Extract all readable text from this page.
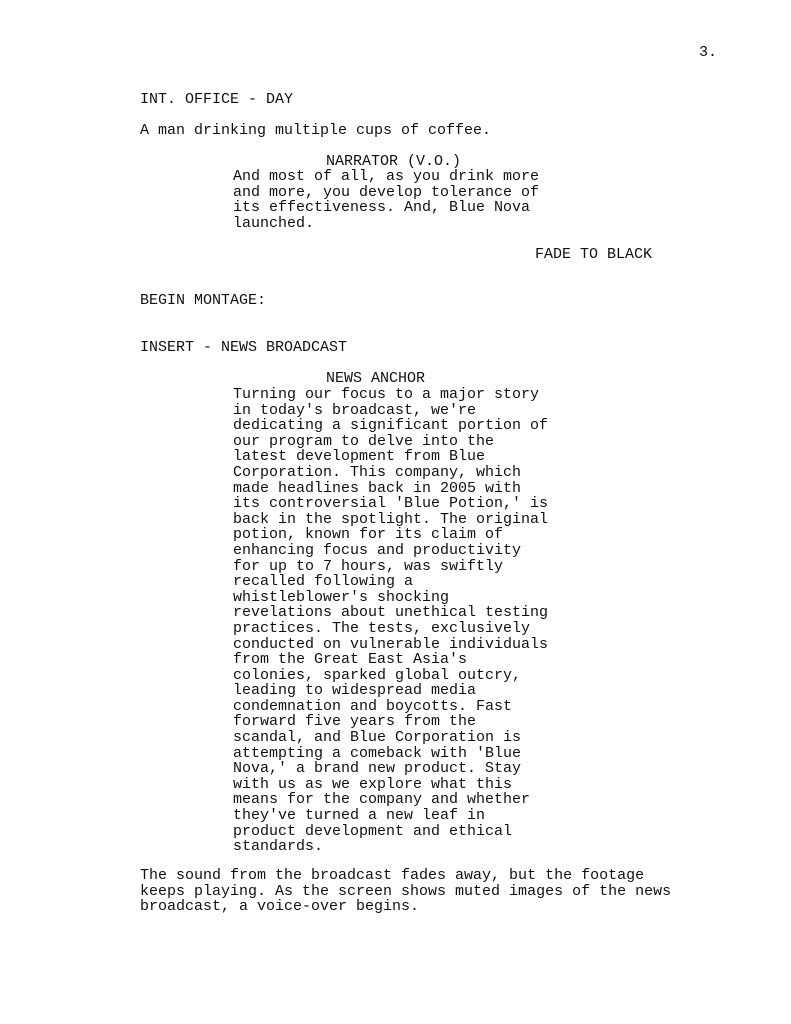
3.
INT. OFFICE - DAY
A man drinking multiple cups of coffee.
NARRATOR (V.O.)
And most of all, as you drink more
and more, you develop tolerance of
its effectiveness. And, Blue Nova
launched.
FADE TO BLACK
BEGIN MONTAGE:
INSERT - NEWS BROADCAST
NEWS ANCHOR
Turning our focus to a major story
in today's broadcast, we're
dedicating a significant portion of
our program to delve into the
latest development from Blue
Corporation. This company, which
made headlines back in 2005 with
its controversial 'Blue Potion,' is
back in the spotlight. The original
potion, known for its claim of
enhancing focus and productivity
for up to 7 hours, was swiftly
recalled following a
whistleblower's shocking
revelations about unethical testing
practices. The tests, exclusively
conducted on vulnerable individuals
from the Great East Asia's
colonies, sparked global outcry,
leading to widespread media
condemnation and boycotts. Fast
forward five years from the
scandal, and Blue Corporation is
attempting a comeback with 'Blue
Nova,' a brand new product. Stay
with us as we explore what this
means for the company and whether
they've turned a new leaf in
product development and ethical
standards.
The sound from the broadcast fades away, but the footage
keeps playing. As the screen shows muted images of the news
broadcast, a voice-over begins.
